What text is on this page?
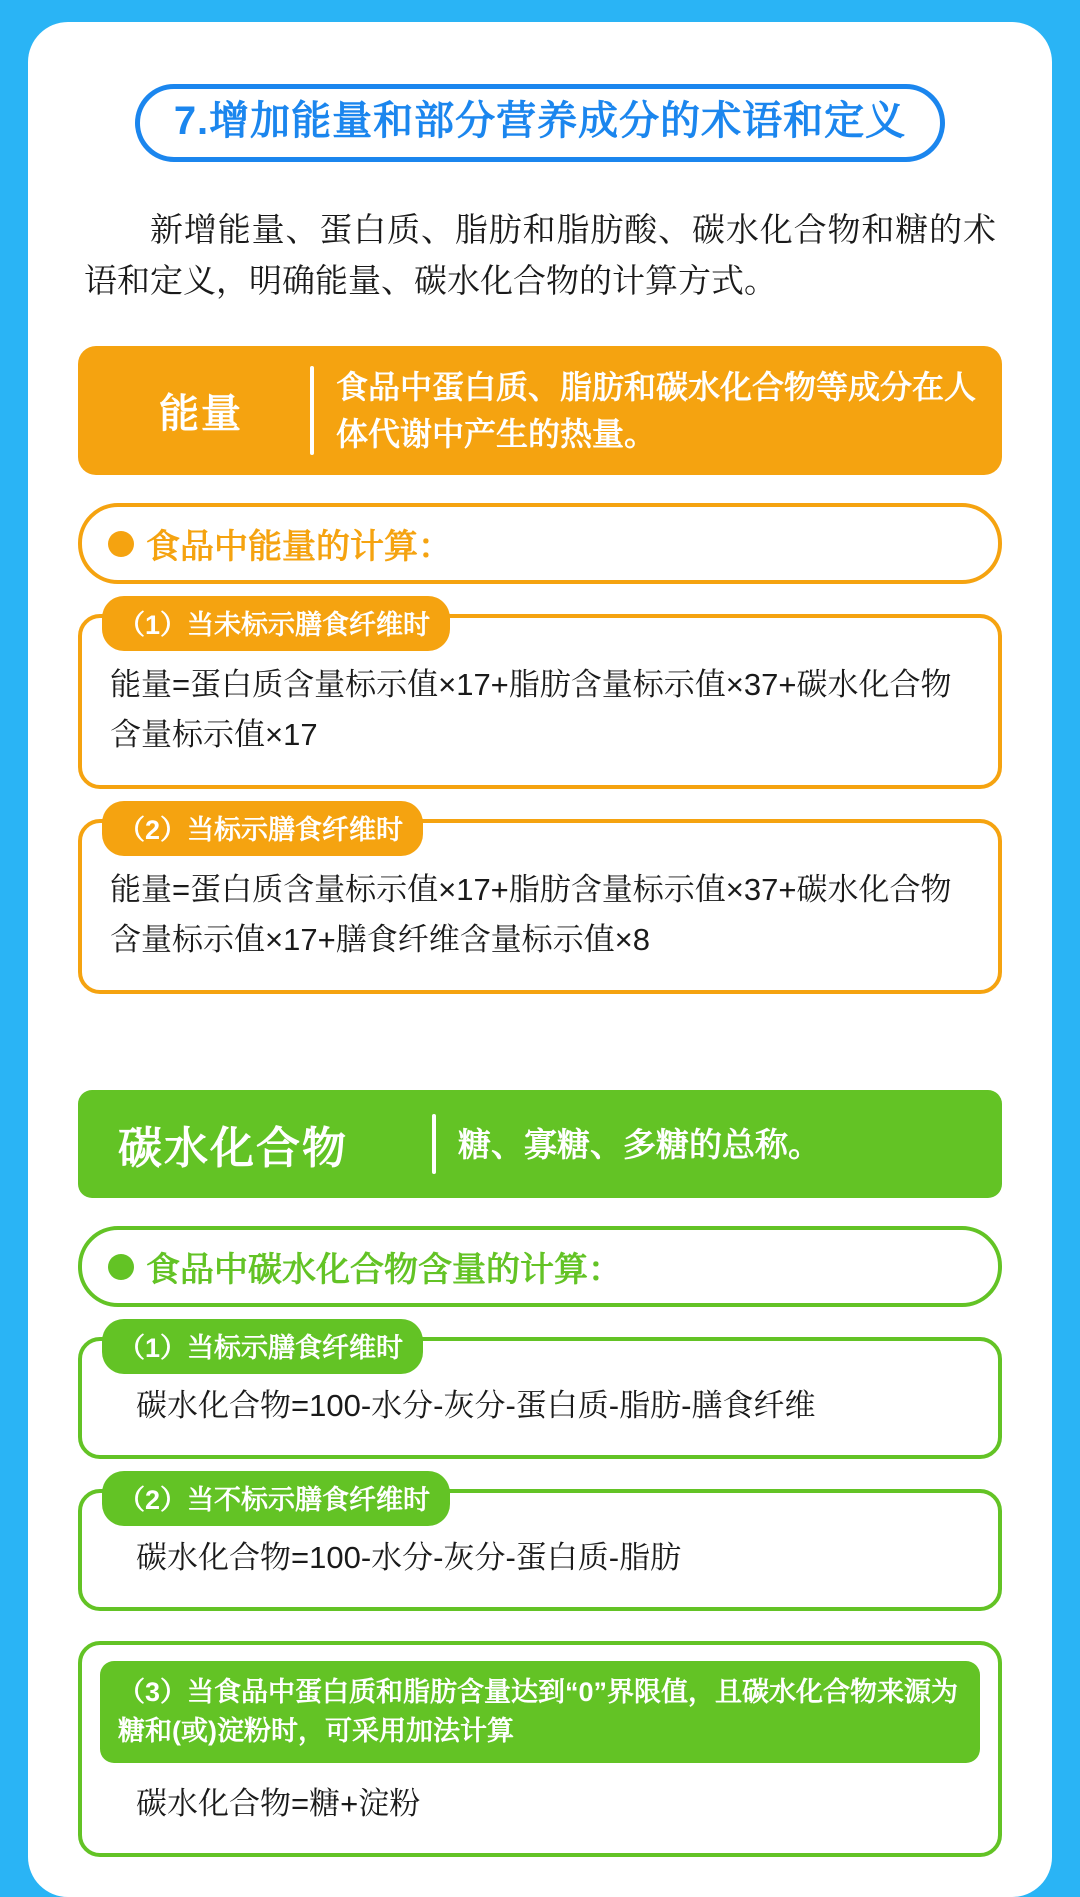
7.增加能量和部分营养成分的术语和定义

新增能量、蛋白质、脂肪和脂肪酸、碳水化合物和糖的术语和定义，明确能量、碳水化合物的计算方式。

能量
食品中蛋白质、脂肪和碳水化合物等成分在人体代谢中产生的热量。
食品中能量的计算：
（1）当未标示膳食纤维时
能量=蛋白质含量标示值×17+脂肪含量标示值×37+碳水化合物含量标示值×17
（2）当标示膳食纤维时
能量=蛋白质含量标示值×17+脂肪含量标示值×37+碳水化合物含量标示值×17+膳食纤维含量标示值×8
碳水化合物	糖、寡糖、多糖的总称。
食品中碳水化合物含量的计算：
（1）当标示膳食纤维时
碳水化合物=100-水分-灰分-蛋白质-脂肪-膳食纤维
（2）当不标示膳食纤维时
碳水化合物=100-水分-灰分-蛋白质-脂肪
（3）当食品中蛋白质和脂肪含量达到“0”界限值，且碳水化合物来源为糖和(或)淀粉时，可采用加法计算
碳水化合物=糖+淀粉
